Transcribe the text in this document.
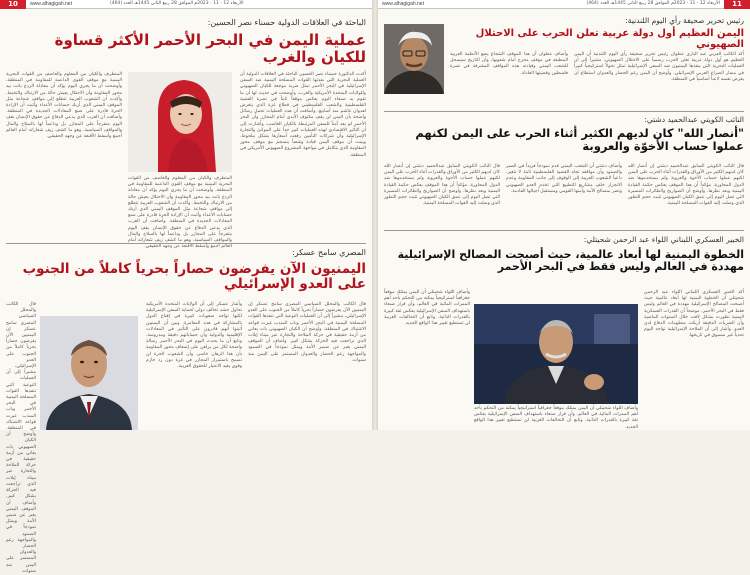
10	www.alhagigah.net	الأربعاء 12 - 11 - 2023م الموافق 28 ربيع الثاني 1445هـ العدد (464)
الباحثة في العلاقات الدولية حسناء نصر الحسين:
عملية اليمن في البحر الأحمر الأكثر قساوة للكيان والغرب
أكدت الدكتورة حسناء نصر الحسين الباحثة في العلاقات الدولية أن العملية البحرية التي نفذتها القوات المسلحة اليمنية ضد السفن الإسرائيلية في البحر الأحمر تمثل ضربة موجعة للكيان الصهيوني وللولايات المتحدة الأمريكية والغرب، وأوضحت في حديث لها أن ما تقوم به صنعاء اليوم يعكس موقفاً ثابتاً في نصرة القضية الفلسطينية والشعب الفلسطيني في قطاع غزة الذي يتعرض لعدوان غاشم منذ أسابيع. وأضافت أن هذه العمليات تحمل رسائل واضحة بأن اليمن لن يقف مكتوف الأيدي أمام المجازر وأن البحر الأحمر لم يعد آمناً للسفن المرتبطة بالكيان الغاصب. وأشارت إلى أن التأثير الاقتصادي لهذه العمليات كبير جداً على الموانئ والتجارة الإسرائيلية وأن شركات التأمين رفعت أسعارها بشكل ملحوظ. وبينت أن موقف اليمن قيادة وشعباً ينسجم مع موقف محور المقاومة الذي يتكامل في مواجهة المشروع الصهيوني الأمريكي في المنطقة.
المتطرف والكيان من المعلوم والعاصف من القوات البحرية اليمنية مع موقف القوى الداعمة للمقاومة في المنطقة، وأوضحت أن ما يجري اليوم يؤكد أن معادلة الردع باتت بيد محور المقاومة وأن الاحتلال يعيش حالة من الارتباك والتخبط. وأكدت أن الشعوب العربية تتطلع إلى مواقف شجاعة مثل الموقف اليمني الذي أربك حسابات الأعداء وأثبت أن الإرادة الحرة قادرة على صنع المعادلات الجديدة في المنطقة. وأضافت أن الغرب الذي يدعي الدفاع عن حقوق الإنسان يقف اليوم متفرجاً على المجازر بل وداعماً لها بالسلاح والمال والمواقف السياسية، وهو ما كشف زيف شعاراته أمام العالم أجمع وأسقط الأقنعة عن وجهه الحقيقي.
المتطرف والكيان من المعلوم والعاصف من القوات البحرية اليمنية مع موقف القوى الداعمة للمقاومة في المنطقة، وأوضحت أن ما يجري اليوم يؤكد أن معادلة الردع باتت بيد محور المقاومة وأن الاحتلال يعيش حالة من الارتباك والتخبط. وأكدت أن الشعوب العربية تتطلع إلى مواقف شجاعة مثل الموقف اليمني الذي أربك حسابات الأعداء وأثبت أن الإرادة الحرة قادرة على صنع المعادلات الجديدة في المنطقة. وأضافت أن الغرب الذي يدعي الدفاع عن حقوق الإنسان يقف اليوم متفرجاً على المجازر بل وداعماً لها بالسلاح والمال والمواقف السياسية، وهو ما كشف زيف شعاراته أمام العالم أجمع وأسقط الأقنعة عن وجهه الحقيقي.
المصري سامح عسكر:
اليمنيون الآن يفرضون حصاراً بحرياً كاملاً من الجنوب على العدو الإسرائيلي
قال الكاتب والمحلل السياسي المصري سامح عسكر إن اليمنيين الآن يفرضون حصاراً بحرياً كاملاً من الجنوب على العدو الإسرائيلي، مشيراً إلى أن العمليات النوعية التي تنفذها القوات المسلحة اليمنية في البحر الأحمر وباب المندب غيرت قواعد الاشتباك في المنطقة. وأوضح أن الكيان الصهيوني بات يعاني من أزمة حقيقية في حركة الملاحة والتجارة عبر ميناء إيلات الذي تراجعت فيه الحركة بشكل كبير. وأضاف أن الموقف اليمني يعبر عن ضمير الأمة ويمثل نموذجاً في الصمود والمواجهة رغم الحصار والعدوان المستمر على اليمن منذ سنوات.
وأشار عسكر إلى أن الولايات المتحدة الأمريكية تحاول حشد تحالف دولي لحماية السفن الإسرائيلية لكنها تواجه صعوبات كبيرة في إقناع الدول بالمشاركة في هذه المغامرة. وبين أن اليمنيين أثبتوا أنهم قادرون على التأثير في المعادلات الإقليمية والدولية وأن حساباتهم دقيقة ومدروسة. وتابع أن ما يحدث اليوم في البحر الأحمر رسالة واضحة لكل من يراهن على إضعاف محور المقاومة بأن هذا الرهان خاسر، وأن الشعوب الحرة لن تسمح باستمرار المجازر في غزة دون رد حازم وقوي يعيد الاعتبار للحقوق العربية.
قال الكاتب والمحلل السياسي المصري سامح عسكر إن اليمنيين الآن يفرضون حصاراً بحرياً كاملاً من الجنوب على العدو الإسرائيلي، مشيراً إلى أن العمليات النوعية التي تنفذها القوات المسلحة اليمنية في البحر الأحمر وباب المندب غيرت قواعد الاشتباك في المنطقة. وأوضح أن الكيان الصهيوني بات يعاني من أزمة حقيقية في حركة الملاحة والتجارة عبر ميناء إيلات الذي تراجعت فيه الحركة بشكل كبير. وأضاف أن الموقف اليمني يعبر عن ضمير الأمة ويمثل نموذجاً في الصمود والمواجهة رغم الحصار والعدوان المستمر على اليمن منذ سنوات.
www.alhagigah.net	الأربعاء 12 - 11 - 2023م الموافق 28 ربيع الثاني 1445هـ العدد (464)	11
رئيس تحرير صحيفة رأي اليوم اللندنية:
اليمن العظيم أول دولة عربية تعلن الحرب على الاحتلال الصهيوني
أكد الكاتب العربي عبد الباري عطوان رئيس تحرير صحيفة رأي اليوم اللندنية أن اليمن العظيم هو أول دولة عربية تعلن الحرب رسمياً على الاحتلال الصهيوني، مشيراً إلى أن العمليات البحرية التي ينفذها اليمنيون ضد السفن الإسرائيلية تمثل تحولاً استراتيجياً كبيراً في مسار الصراع العربي الإسرائيلي. وأوضح أن اليمن رغم الحصار والعدوان استطاع أن يفرض نفسه لاعباً أساسياً في المنطقة.
وأضاف عطوان أن هذا الموقف الشجاع يضع الأنظمة العربية المطبعة في موقف محرج أمام شعوبها، وأن التاريخ سيسجل للشعب اليمني وقيادته هذه المواقف المشرفة في نصرة فلسطين وقضيتها العادلة.
النائب الكويتي عبدالحميد دشتي:
"أنصار الله" كان لديهم الكثير أثناء الحرب على اليمن لكنهم عملوا حساب الأخوّة والعروبة
قال النائب الكويتي السابق عبدالحميد دشتي إن أنصار الله كان لديهم الكثير من الأوراق والقدرات أثناء الحرب على اليمن لكنهم عملوا حساب الأخوة والعروبة ولم يستخدموها ضد الدول المجاورة، مؤكداً أن هذا الموقف يعكس حكمة القيادة اليمنية وبعد نظرها. وأوضح أن الصواريخ والطائرات المسيرة التي تصل اليوم إلى عمق الكيان الصهيوني تثبت حجم التطور الذي وصلت إليه القوات المسلحة اليمنية.
وأضاف دشتي أن الشعب اليمني قدم نموذجاً فريداً في الصبر والصمود وأن مواقفه تجاه القضية الفلسطينية ثابتة لا تتغير، داعياً الشعوب العربية إلى الوقوف إلى جانب المقاومة وعدم الانجرار خلف مشاريع التطبيع التي تخدم العدو الصهيوني وتضر بمصالح الأمة وأمنها القومي ومستقبل أجيالها القادمة.
قال النائب الكويتي السابق عبدالحميد دشتي إن أنصار الله كان لديهم الكثير من الأوراق والقدرات أثناء الحرب على اليمن لكنهم عملوا حساب الأخوة والعروبة ولم يستخدموها ضد الدول المجاورة، مؤكداً أن هذا الموقف يعكس حكمة القيادة اليمنية وبعد نظرها. وأوضح أن الصواريخ والطائرات المسيرة التي تصل اليوم إلى عمق الكيان الصهيوني تثبت حجم التطور الذي وصلت إليه القوات المسلحة اليمنية.
الخبير العسكري اللبناني اللواء عبد الرحمن شحيتلي:
الخطوة اليمنية لها أبعاد عالمية، حيث أصبحت المصالح الإسرائيلية مهددة في العالم وليس فقط في البحر الأحمر
أكد الخبير العسكري اللبناني اللواء عبد الرحمن شحيتلي أن الخطوة اليمنية لها أبعاد عالمية حيث أصبحت المصالح الإسرائيلية مهددة في العالم وليس فقط في البحر الأحمر، موضحاً أن القدرات العسكرية اليمنية تطورت بشكل لافت خلال السنوات الماضية وأن الضربات الدقيقة أربكت منظومات الدفاع لدى العدو. وأشار إلى أن الملاحة الإسرائيلية تواجه اليوم تحدياً غير مسبوق في تاريخها.
وأضاف اللواء شحيتلي أن اليمن يمتلك موقعاً جغرافياً استراتيجياً يمكنه من التحكم بأحد أهم الممرات المائية في العالم، وأن قرار صنعاء باستهداف السفن الإسرائيلية يعكس ثقة كبيرة بالقدرات الذاتية. وتابع أن التحالفات الغربية لن تستطيع تغيير هذا الواقع الجديد.
وأضاف اللواء شحيتلي أن اليمن يمتلك موقعاً جغرافياً استراتيجياً يمكنه من التحكم بأحد أهم الممرات المائية في العالم، وأن قرار صنعاء باستهداف السفن الإسرائيلية يعكس ثقة كبيرة بالقدرات الذاتية. وتابع أن التحالفات الغربية لن تستطيع تغيير هذا الواقع الجديد.
